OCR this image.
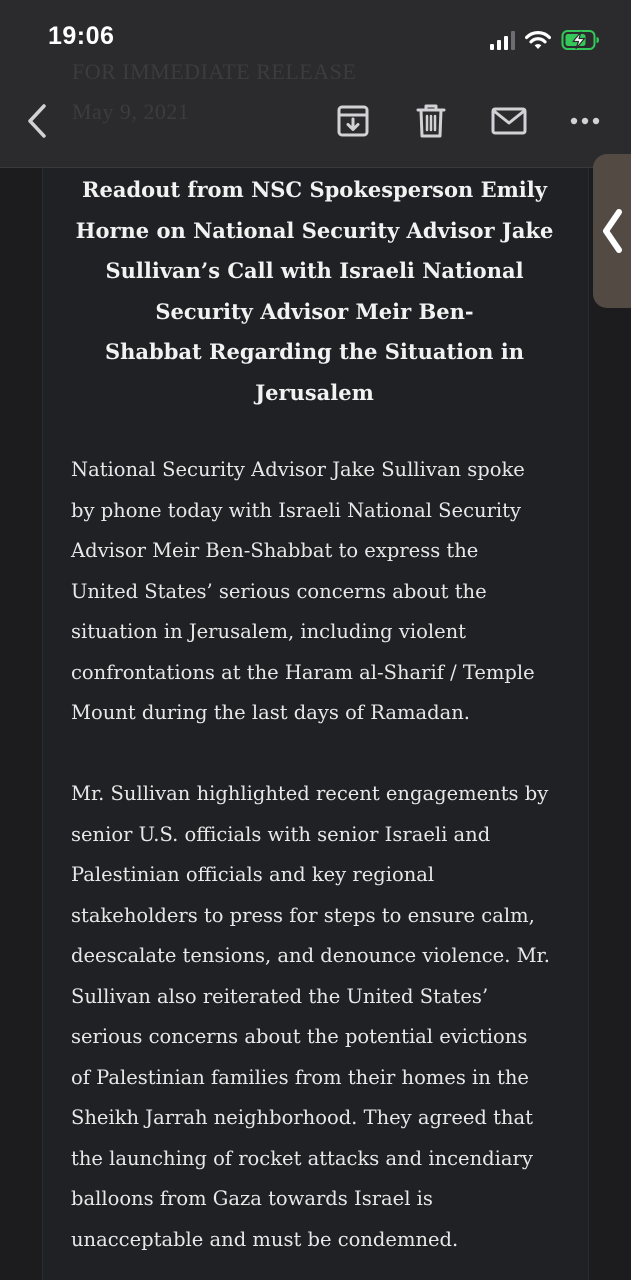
Readout from NSC Spokesperson Emily
Horne on National Security Advisor Jake
Sullivan’s Call with Israeli National
Security Advisor Meir Ben-
Shabbat Regarding the Situation in
Jerusalem
National Security Advisor Jake Sullivan spoke
by phone today with Israeli National Security
Advisor Meir Ben-Shabbat to express the
United States’ serious concerns about the
situation in Jerusalem, including violent
confrontations at the Haram al-Sharif / Temple
Mount during the last days of Ramadan.
Mr. Sullivan highlighted recent engagements by
senior U.S. officials with senior Israeli and
Palestinian officials and key regional
stakeholders to press for steps to ensure calm,
deescalate tensions, and denounce violence. Mr.
Sullivan also reiterated the United States’
serious concerns about the potential evictions
of Palestinian families from their homes in the
Sheikh Jarrah neighborhood. They agreed that
the launching of rocket attacks and incendiary
balloons from Gaza towards Israel is
unacceptable and must be condemned.
FOR IMMEDIATE RELEASE
May 9, 2021
19:06
